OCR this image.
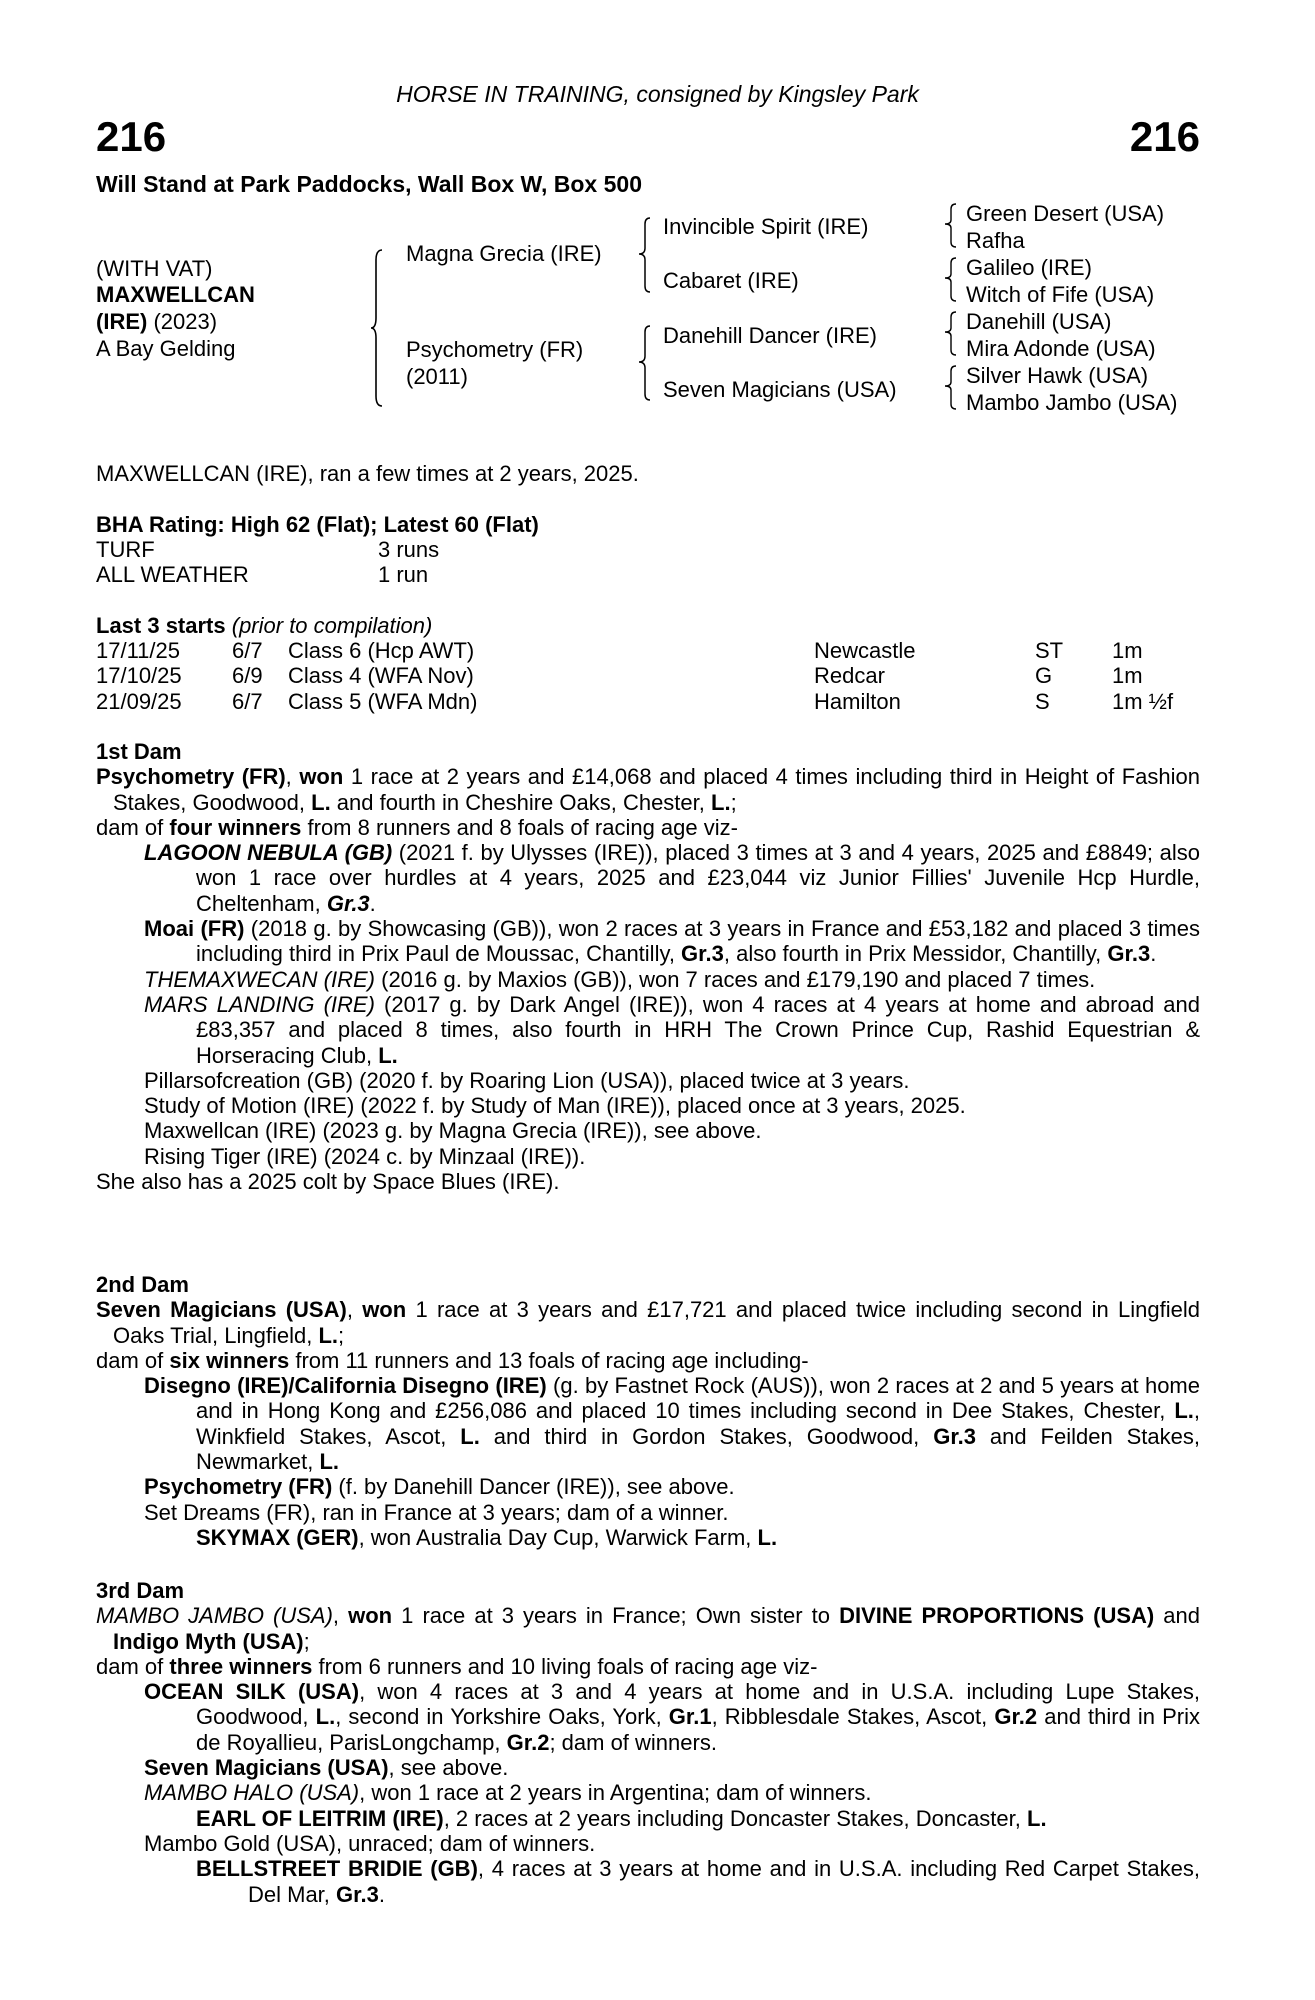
HORSE IN TRAINING, consigned by Kingsley Park
216	216
Will Stand at Park Paddocks, Wall Box W, Box 500
(WITH VAT)
MAXWELLCAN
(IRE) (2023)
A Bay Gelding
Magna Grecia (IRE)
Psychometry (FR)
(2011)
Invincible Spirit (IRE)
Cabaret (IRE)
Danehill Dancer (IRE)
Seven Magicians (USA)
Green Desert (USA)
Rafha
Galileo (IRE)
Witch of Fife (USA)
Danehill (USA)
Mira Adonde (USA)
Silver Hawk (USA)
Mambo Jambo (USA)
MAXWELLCAN (IRE), ran a few times at 2 years, 2025.
BHA Rating: High 62 (Flat); Latest 60 (Flat)
TURF	3 runs
ALL WEATHER	1 run
Last 3 starts (prior to compilation)
17/11/25 6/7 Class 6 (Hcp AWT)	Newcastle	ST 1m
17/10/25 6/9 Class 4 (WFA Nov)	Redcar	G	1m
21/09/25 6/7 Class 5 (WFA Mdn)	Hamilton	S	1m ½f
1st Dam
Psychometry (FR), won 1 race at 2 years and £14,068 and placed 4 times including third in Height of Fashion Stakes, Goodwood, L. and fourth in Cheshire Oaks, Chester, L.;
dam of four winners from 8 runners and 8 foals of racing age viz-
LAGOON NEBULA (GB) (2021 f. by Ulysses (IRE)), placed 3 times at 3 and 4 years, 2025 and £8849; also won 1 race over hurdles at 4 years, 2025 and £23,044 viz Junior Fillies' Juvenile Hcp Hurdle, Cheltenham, Gr.3.
Moai (FR) (2018 g. by Showcasing (GB)), won 2 races at 3 years in France and £53,182 and placed 3 times including third in Prix Paul de Moussac, Chantilly, Gr.3, also fourth in Prix Messidor, Chantilly, Gr.3.
THEMAXWECAN (IRE) (2016 g. by Maxios (GB)), won 7 races and £179,190 and placed 7 times.
MARS LANDING (IRE) (2017 g. by Dark Angel (IRE)), won 4 races at 4 years at home and abroad and £83,357 and placed 8 times, also fourth in HRH The Crown Prince Cup, Rashid Equestrian & Horseracing Club, L.
Pillarsofcreation (GB) (2020 f. by Roaring Lion (USA)), placed twice at 3 years.
Study of Motion (IRE) (2022 f. by Study of Man (IRE)), placed once at 3 years, 2025.
Maxwellcan (IRE) (2023 g. by Magna Grecia (IRE)), see above.
Rising Tiger (IRE) (2024 c. by Minzaal (IRE)).
She also has a 2025 colt by Space Blues (IRE).
2nd Dam
Seven Magicians (USA), won 1 race at 3 years and £17,721 and placed twice including second in Lingfield Oaks Trial, Lingfield, L.;
dam of six winners from 11 runners and 13 foals of racing age including-
Disegno (IRE)/California Disegno (IRE) (g. by Fastnet Rock (AUS)), won 2 races at 2 and 5 years at home and in Hong Kong and £256,086 and placed 10 times including second in Dee Stakes, Chester, L., Winkfield Stakes, Ascot, L. and third in Gordon Stakes, Goodwood, Gr.3 and Feilden Stakes, Newmarket, L.
Psychometry (FR) (f. by Danehill Dancer (IRE)), see above.
Set Dreams (FR), ran in France at 3 years; dam of a winner.
SKYMAX (GER), won Australia Day Cup, Warwick Farm, L.
3rd Dam
MAMBO JAMBO (USA), won 1 race at 3 years in France; Own sister to DIVINE PROPORTIONS (USA) and Indigo Myth (USA);
dam of three winners from 6 runners and 10 living foals of racing age viz-
OCEAN SILK (USA), won 4 races at 3 and 4 years at home and in U.S.A. including Lupe Stakes, Goodwood, L., second in Yorkshire Oaks, York, Gr.1, Ribblesdale Stakes, Ascot, Gr.2 and third in Prix de Royallieu, ParisLongchamp, Gr.2; dam of winners.
Seven Magicians (USA), see above.
MAMBO HALO (USA), won 1 race at 2 years in Argentina; dam of winners.
EARL OF LEITRIM (IRE), 2 races at 2 years including Doncaster Stakes, Doncaster, L.
Mambo Gold (USA), unraced; dam of winners.
BELLSTREET BRIDIE (GB), 4 races at 3 years at home and in U.S.A. including Red Carpet Stakes, Del Mar, Gr.3.
